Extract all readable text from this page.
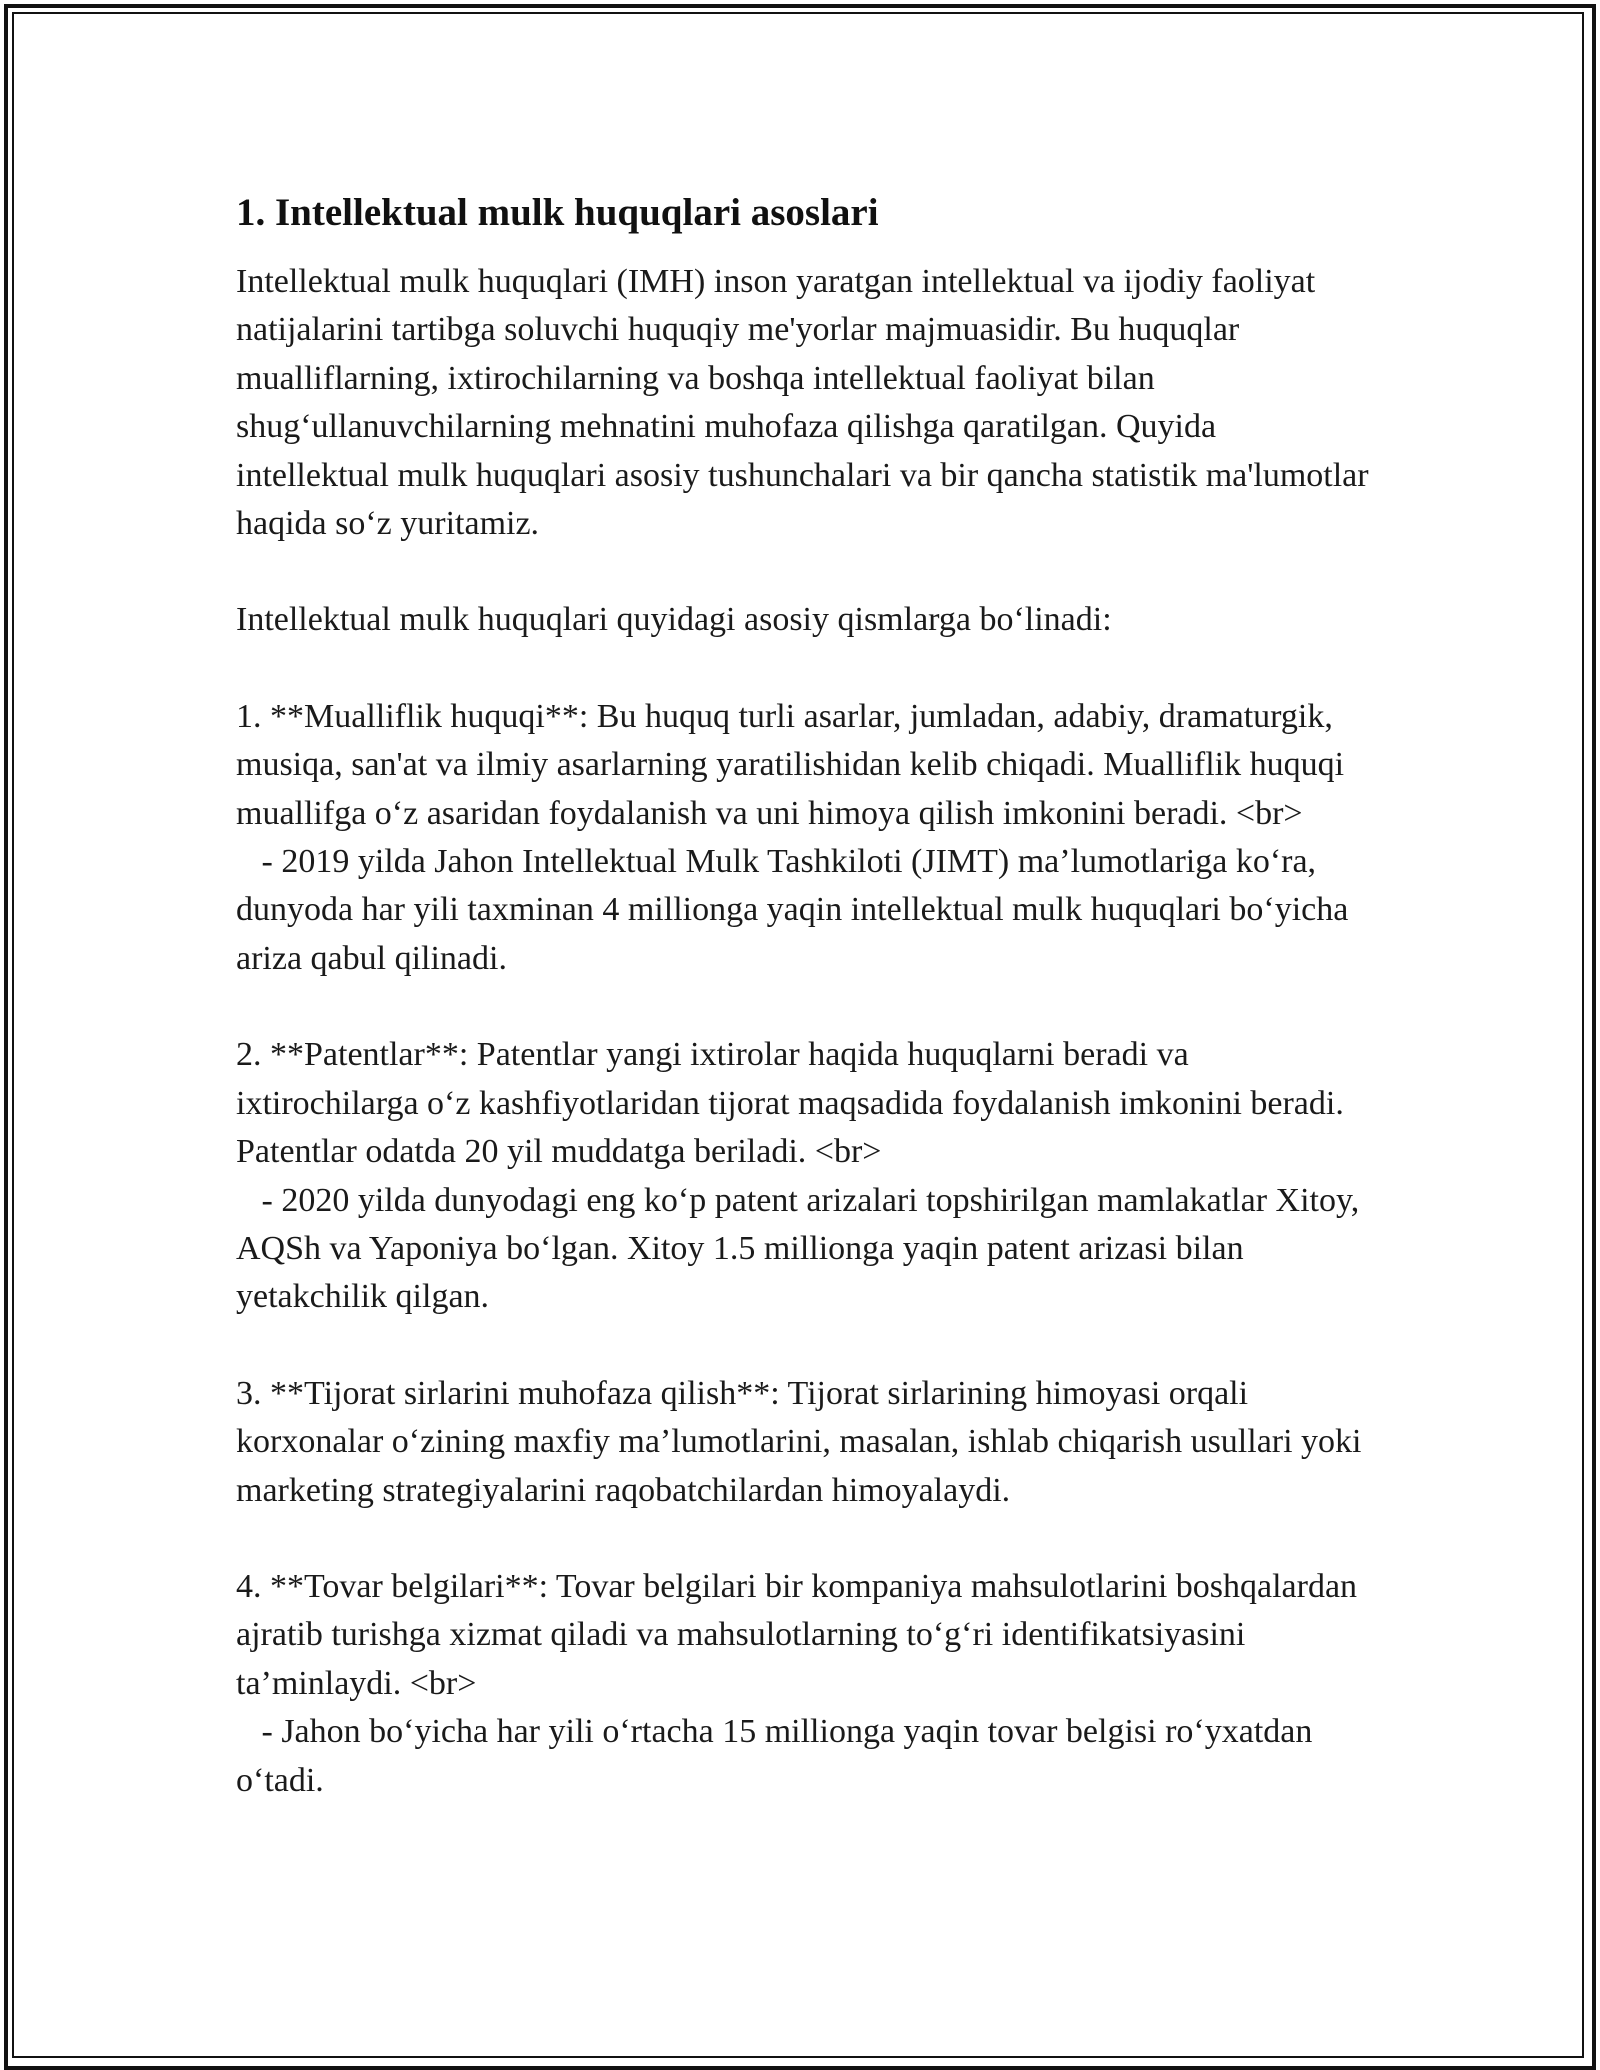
1. Intellektual mulk huquqlari asoslari

Intellektual mulk huquqlari (IMH) inson yaratgan intellektual va ijodiy faoliyat natijalarini tartibga soluvchi huquqiy me'yorlar majmuasidir. Bu huquqlar mualliflarning, ixtirochilarning va boshqa intellektual faoliyat bilan shug‘ullanuvchilarning mehnatini muhofaza qilishga qaratilgan. Quyida intellektual mulk huquqlari asosiy tushunchalari va bir qancha statistik ma'lumotlar haqida so‘z yuritamiz.

Intellektual mulk huquqlari quyidagi asosiy qismlarga bo‘linadi:

1. **Mualliflik huquqi**: Bu huquq turli asarlar, jumladan, adabiy, dramaturgik, musiqa, san'at va ilmiy asarlarning yaratilishidan kelib chiqadi. Mualliflik huquqi muallifga o‘z asaridan foydalanish va uni himoya qilish imkonini beradi. <br>
- 2019 yilda Jahon Intellektual Mulk Tashkiloti (JIMT) ma’lumotlariga ko‘ra, dunyoda har yili taxminan 4 millionga yaqin intellektual mulk huquqlari bo‘yicha ariza qabul qilinadi.

2. **Patentlar**: Patentlar yangi ixtirolar haqida huquqlarni beradi va ixtirochilarga o‘z kashfiyotlaridan tijorat maqsadida foydalanish imkonini beradi. Patentlar odatda 20 yil muddatga beriladi. <br>
- 2020 yilda dunyodagi eng ko‘p patent arizalari topshirilgan mamlakatlar Xitoy, AQSh va Yaponiya bo‘lgan. Xitoy 1.5 millionga yaqin patent arizasi bilan yetakchilik qilgan.

3. **Tijorat sirlarini muhofaza qilish**: Tijorat sirlarining himoyasi orqali korxonalar o‘zining maxfiy ma’lumotlarini, masalan, ishlab chiqarish usullari yoki marketing strategiyalarini raqobatchilardan himoyalaydi.

4. **Tovar belgilari**: Tovar belgilari bir kompaniya mahsulotlarini boshqalardan ajratib turishga xizmat qiladi va mahsulotlarning to‘g‘ri identifikatsiyasini ta’minlaydi. <br>
- Jahon bo‘yicha har yili o‘rtacha 15 millionga yaqin tovar belgisi ro‘yxatdan o‘tadi.
